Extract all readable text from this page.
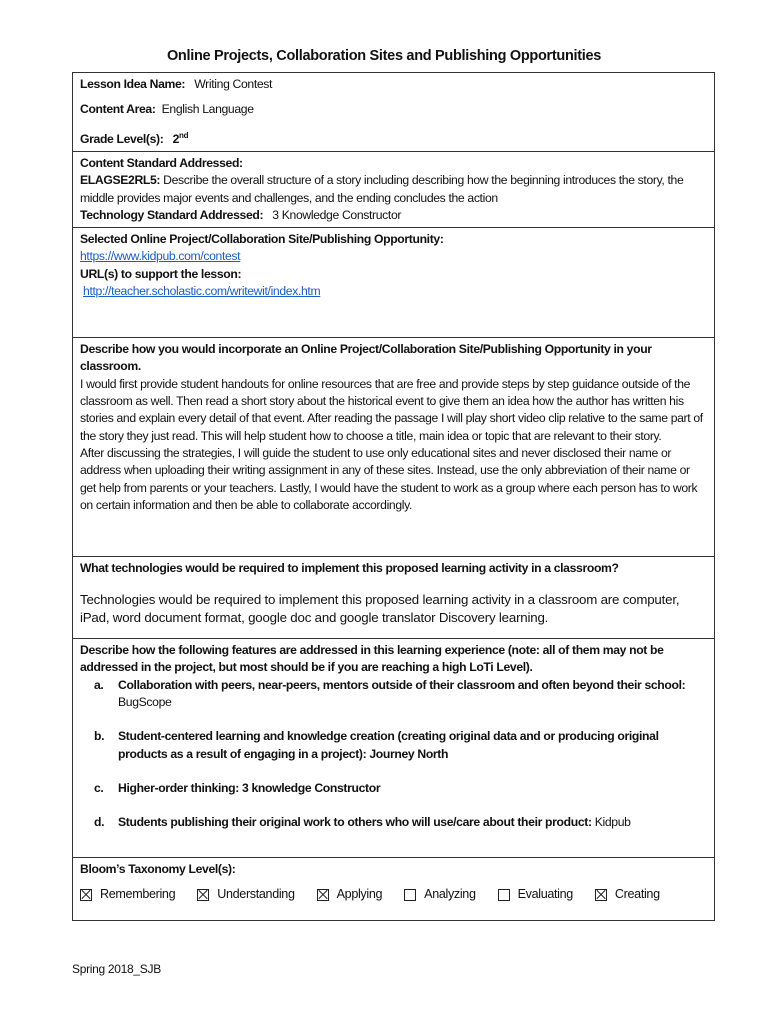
Online Projects, Collaboration Sites and Publishing Opportunities
Lesson Idea Name: Writing Contest
Content Area: English Language
Grade Level(s): 2nd

Content Standard Addressed:
ELAGSE2RL5: Describe the overall structure of a story including describing how the beginning introduces the story, the middle provides major events and challenges, and the ending concludes the action
Technology Standard Addressed: 3 Knowledge Constructor

Selected Online Project/Collaboration Site/Publishing Opportunity:
https://www.kidpub.com/contest
URL(s) to support the lesson:
http://teacher.scholastic.com/writewit/index.htm

Describe how you would incorporate an Online Project/Collaboration Site/Publishing Opportunity in your classroom.
I would first provide student handouts for online resources that are free and provide steps by step guidance outside of the classroom as well. Then read a short story about the historical event to give them an idea how the author has written his stories and explain every detail of that event. After reading the passage I will play short video clip relative to the same part of the story they just read. This will help student how to choose a title, main idea or topic that are relevant to their story.
After discussing the strategies, I will guide the student to use only educational sites and never disclosed their name or address when uploading their writing assignment in any of these sites. Instead, use the only abbreviation of their name or get help from parents or your teachers. Lastly, I would have the student to work as a group where each person has to work on certain information and then be able to collaborate accordingly.

What technologies would be required to implement this proposed learning activity in a classroom?
Technologies would be required to implement this proposed learning activity in a classroom are computer, iPad, word document format, google doc and google translator Discovery learning.

Describe how the following features are addressed in this learning experience (note: all of them may not be addressed in the project, but most should be if you are reaching a high LoTi Level).
a. Collaboration with peers, near-peers, mentors outside of their classroom and often beyond their school: BugScope
b. Student-centered learning and knowledge creation (creating original data and or producing original products as a result of engaging in a project): Journey North
c. Higher-order thinking: 3 knowledge Constructor
d. Students publishing their original work to others who will use/care about their product: Kidpub

Bloom’s Taxonomy Level(s):
Remembering	Understanding	Applying	Analyzing	Evaluating	Creating
Spring 2018_SJB
